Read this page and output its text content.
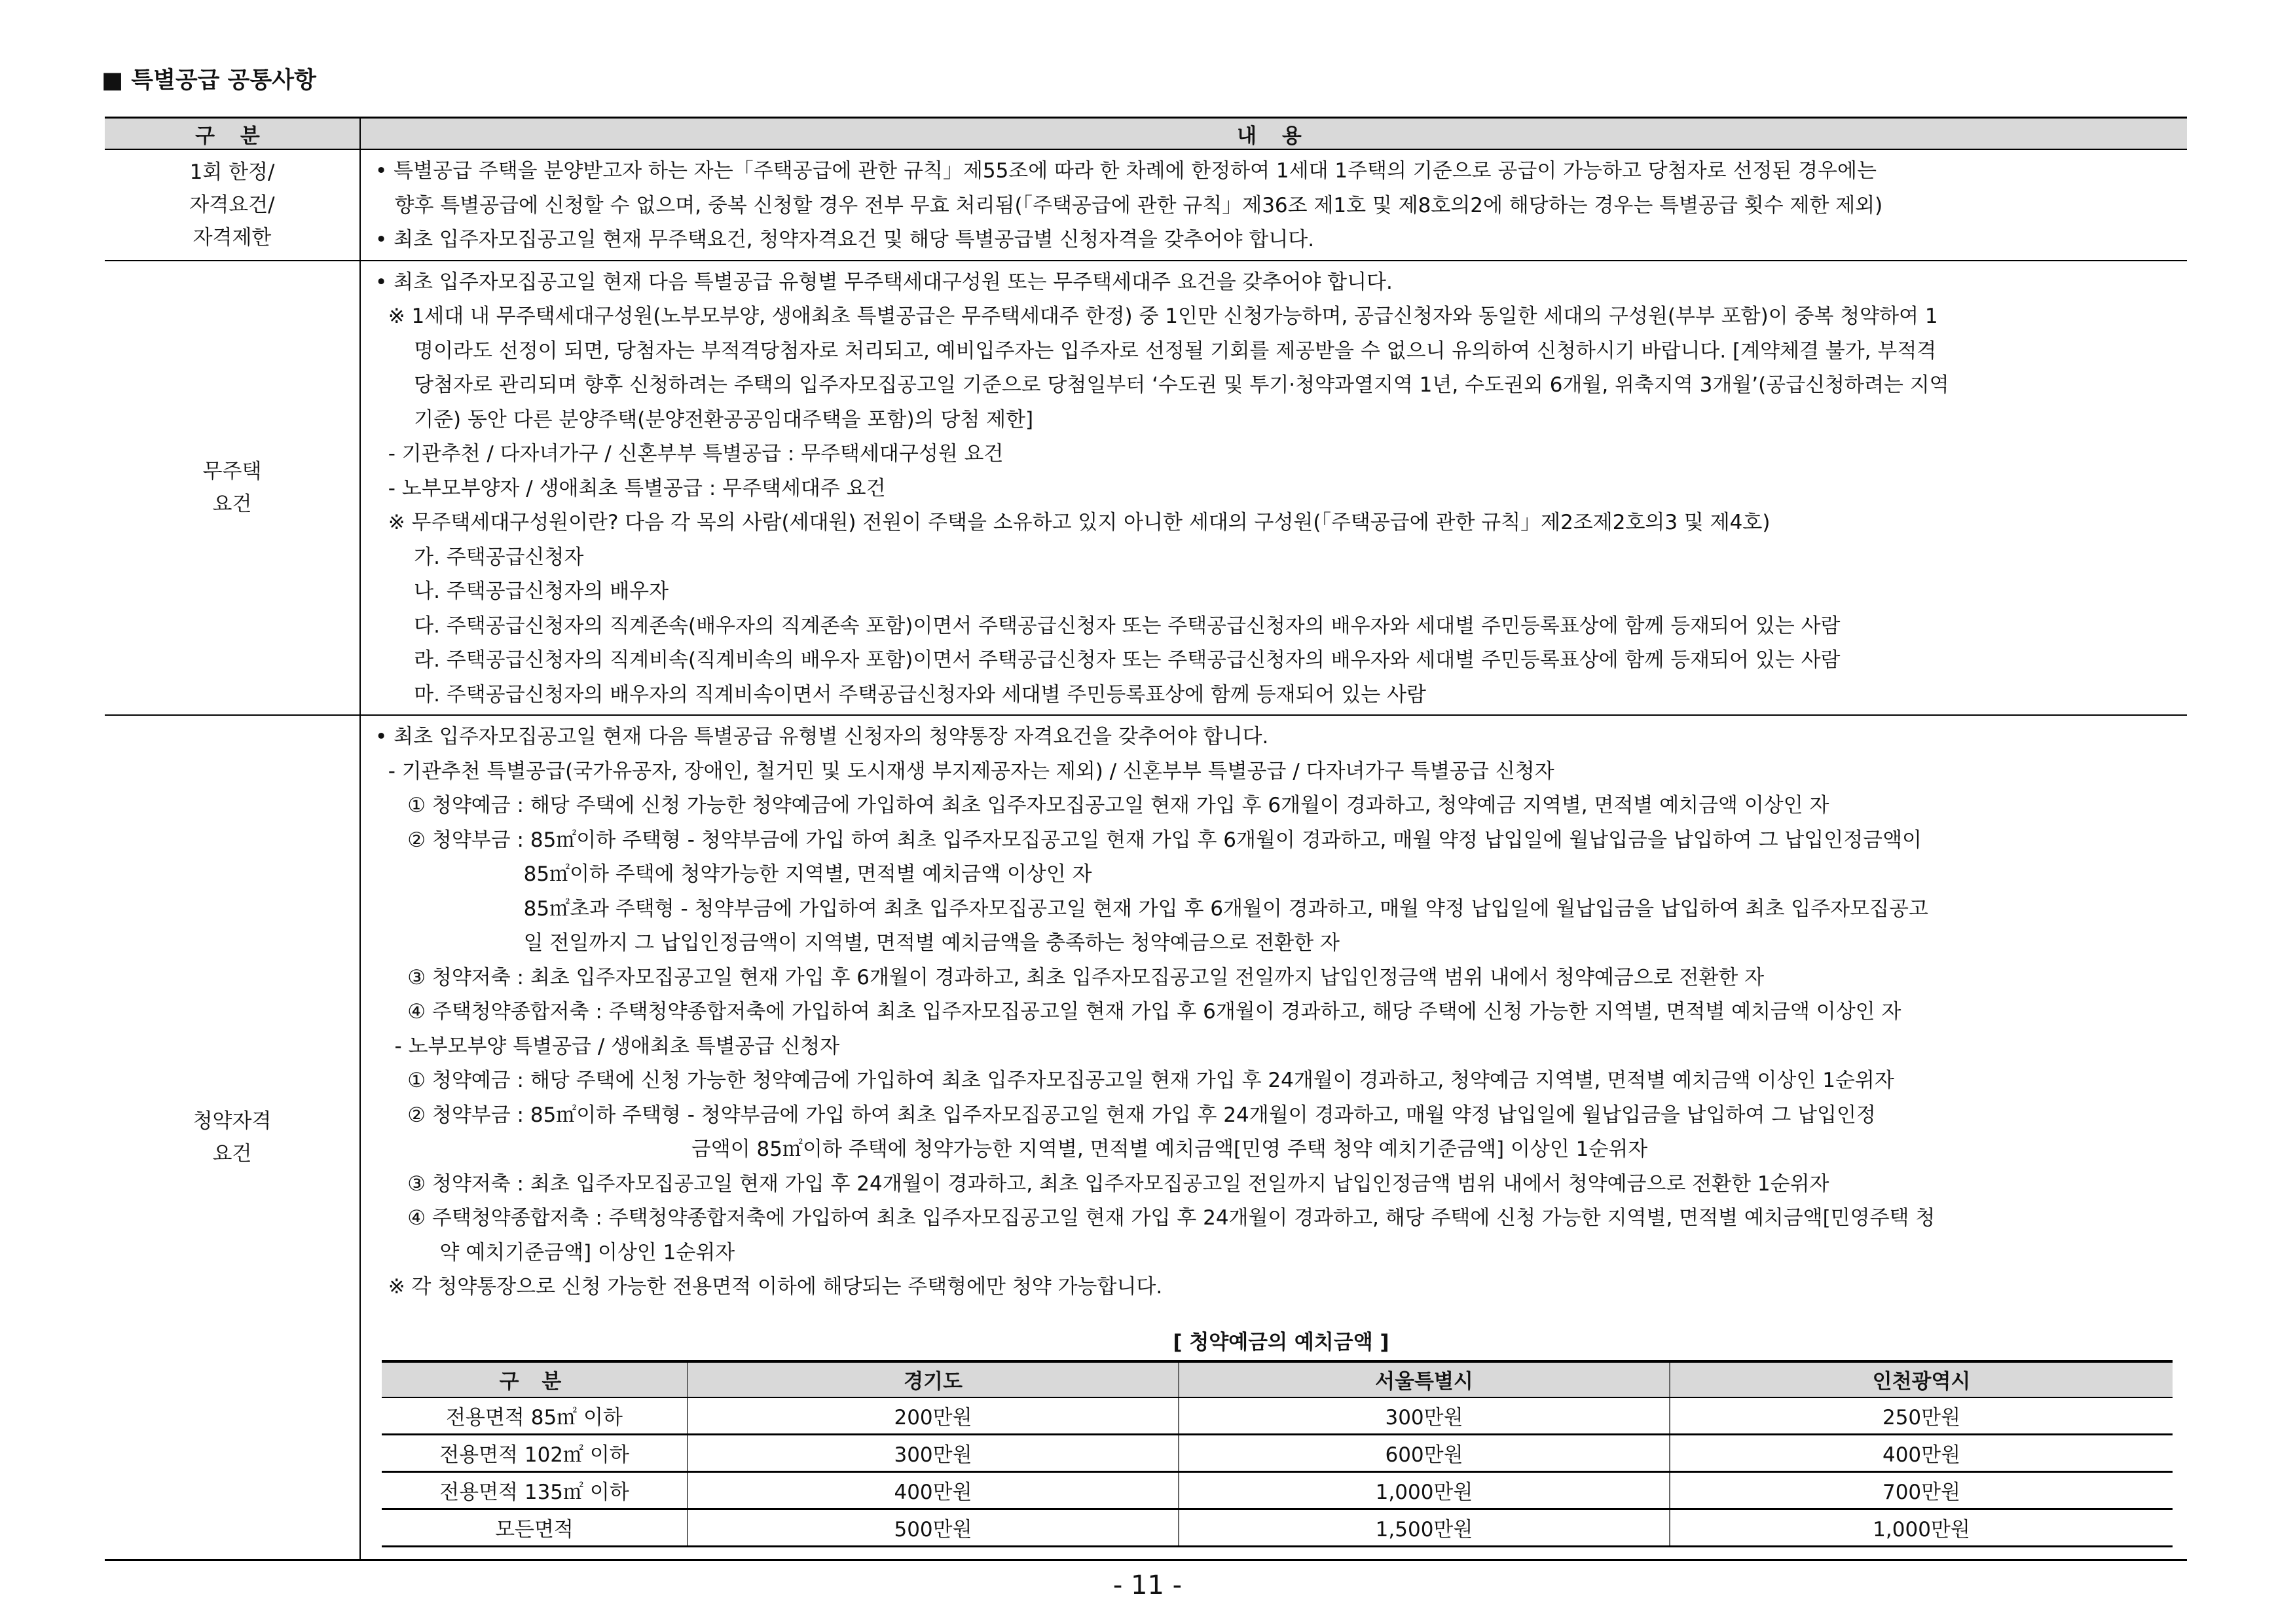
■ 특별공급 공통사항
구 분	내 용

1회 한정/
자격요건/
자격제한

• 특별공급 주택을 분양받고자 하는 자는「주택공급에 관한 규칙」제55조에 따라 한 차례에 한정하여 1세대 1주택의 기준으로 공급이 가능하고 당첨자로 선정된 경우에는
향후 특별공급에 신청할 수 없으며, 중복 신청할 경우 전부 무효 처리됨(「주택공급에 관한 규칙」제36조 제1호 및 제8호의2에 해당하는 경우는 특별공급 횟수 제한 제외)
• 최초 입주자모집공고일 현재 무주택요건, 청약자격요건 및 해당 특별공급별 신청자격을 갖추어야 합니다.

무주택
요건

• 최초 입주자모집공고일 현재 다음 특별공급 유형별 무주택세대구성원 또는 무주택세대주 요건을 갖추어야 합니다.
※ 1세대 내 무주택세대구성원(노부모부양, 생애최초 특별공급은 무주택세대주 한정) 중 1인만 신청가능하며, 공급신청자와 동일한 세대의 구성원(부부 포함)이 중복 청약하여 1
명이라도 선정이 되면, 당첨자는 부적격당첨자로 처리되고, 예비입주자는 입주자로 선정될 기회를 제공받을 수 없으니 유의하여 신청하시기 바랍니다. [계약체결 불가, 부적격
당첨자로 관리되며 향후 신청하려는 주택의 입주자모집공고일 기준으로 당첨일부터 ‘수도권 및 투기·청약과열지역 1년, 수도권외 6개월, 위축지역 3개월’(공급신청하려는 지역
기준) 동안 다른 분양주택(분양전환공공임대주택을 포함)의 당첨 제한]
- 기관추천 / 다자녀가구 / 신혼부부 특별공급 : 무주택세대구성원 요건
- 노부모부양자 / 생애최초 특별공급 : 무주택세대주 요건
※ 무주택세대구성원이란? 다음 각 목의 사람(세대원) 전원이 주택을 소유하고 있지 아니한 세대의 구성원(「주택공급에 관한 규칙」제2조제2호의3 및 제4호)
가. 주택공급신청자
나. 주택공급신청자의 배우자
다. 주택공급신청자의 직계존속(배우자의 직계존속 포함)이면서 주택공급신청자 또는 주택공급신청자의 배우자와 세대별 주민등록표상에 함께 등재되어 있는 사람
라. 주택공급신청자의 직계비속(직계비속의 배우자 포함)이면서 주택공급신청자 또는 주택공급신청자의 배우자와 세대별 주민등록표상에 함께 등재되어 있는 사람
마. 주택공급신청자의 배우자의 직계비속이면서 주택공급신청자와 세대별 주민등록표상에 함께 등재되어 있는 사람

청약자격
요건

• 최초 입주자모집공고일 현재 다음 특별공급 유형별 신청자의 청약통장 자격요건을 갖추어야 합니다.
- 기관추천 특별공급(국가유공자, 장애인, 철거민 및 도시재생 부지제공자는 제외) / 신혼부부 특별공급 / 다자녀가구 특별공급 신청자
① 청약예금 : 해당 주택에 신청 가능한 청약예금에 가입하여 최초 입주자모집공고일 현재 가입 후 6개월이 경과하고, 청약예금 지역별, 면적별 예치금액 이상인 자
② 청약부금 : 85㎡이하 주택형 - 청약부금에 가입 하여 최초 입주자모집공고일 현재 가입 후 6개월이 경과하고, 매월 약정 납입일에 월납입금을 납입하여 그 납입인정금액이
85㎡이하 주택에 청약가능한 지역별, 면적별 예치금액 이상인 자
85㎡초과 주택형 - 청약부금에 가입하여 최초 입주자모집공고일 현재 가입 후 6개월이 경과하고, 매월 약정 납입일에 월납입금을 납입하여 최초 입주자모집공고
일 전일까지 그 납입인정금액이 지역별, 면적별 예치금액을 충족하는 청약예금으로 전환한 자
③ 청약저축 : 최초 입주자모집공고일 현재 가입 후 6개월이 경과하고, 최초 입주자모집공고일 전일까지 납입인정금액 범위 내에서 청약예금으로 전환한 자
④ 주택청약종합저축 : 주택청약종합저축에 가입하여 최초 입주자모집공고일 현재 가입 후 6개월이 경과하고, 해당 주택에 신청 가능한 지역별, 면적별 예치금액 이상인 자
- 노부모부양 특별공급 / 생애최초 특별공급 신청자
① 청약예금 : 해당 주택에 신청 가능한 청약예금에 가입하여 최초 입주자모집공고일 현재 가입 후 24개월이 경과하고, 청약예금 지역별, 면적별 예치금액 이상인 1순위자
② 청약부금 : 85㎡이하 주택형 - 청약부금에 가입 하여 최초 입주자모집공고일 현재 가입 후 24개월이 경과하고, 매월 약정 납입일에 월납입금을 납입하여 그 납입인정
금액이 85㎡이하 주택에 청약가능한 지역별, 면적별 예치금액[민영 주택 청약 예치기준금액] 이상인 1순위자
③ 청약저축 : 최초 입주자모집공고일 현재 가입 후 24개월이 경과하고, 최초 입주자모집공고일 전일까지 납입인정금액 범위 내에서 청약예금으로 전환한 1순위자
④ 주택청약종합저축 : 주택청약종합저축에 가입하여 최초 입주자모집공고일 현재 가입 후 24개월이 경과하고, 해당 주택에 신청 가능한 지역별, 면적별 예치금액[민영주택 청
약 예치기준금액] 이상인 1순위자
※ 각 청약통장으로 신청 가능한 전용면적 이하에 해당되는 주택형에만 청약 가능합니다.
[ 청약예금의 예치금액 ]
구 분	경기도	서울특별시	인천광역시
전용면적 85㎡ 이하	200만원	300만원	250만원
전용면적 102㎡ 이하	300만원	600만원	400만원
전용면적 135㎡ 이하	400만원	1,000만원	700만원
모든면적	500만원	1,500만원	1,000만원
- 11 -
